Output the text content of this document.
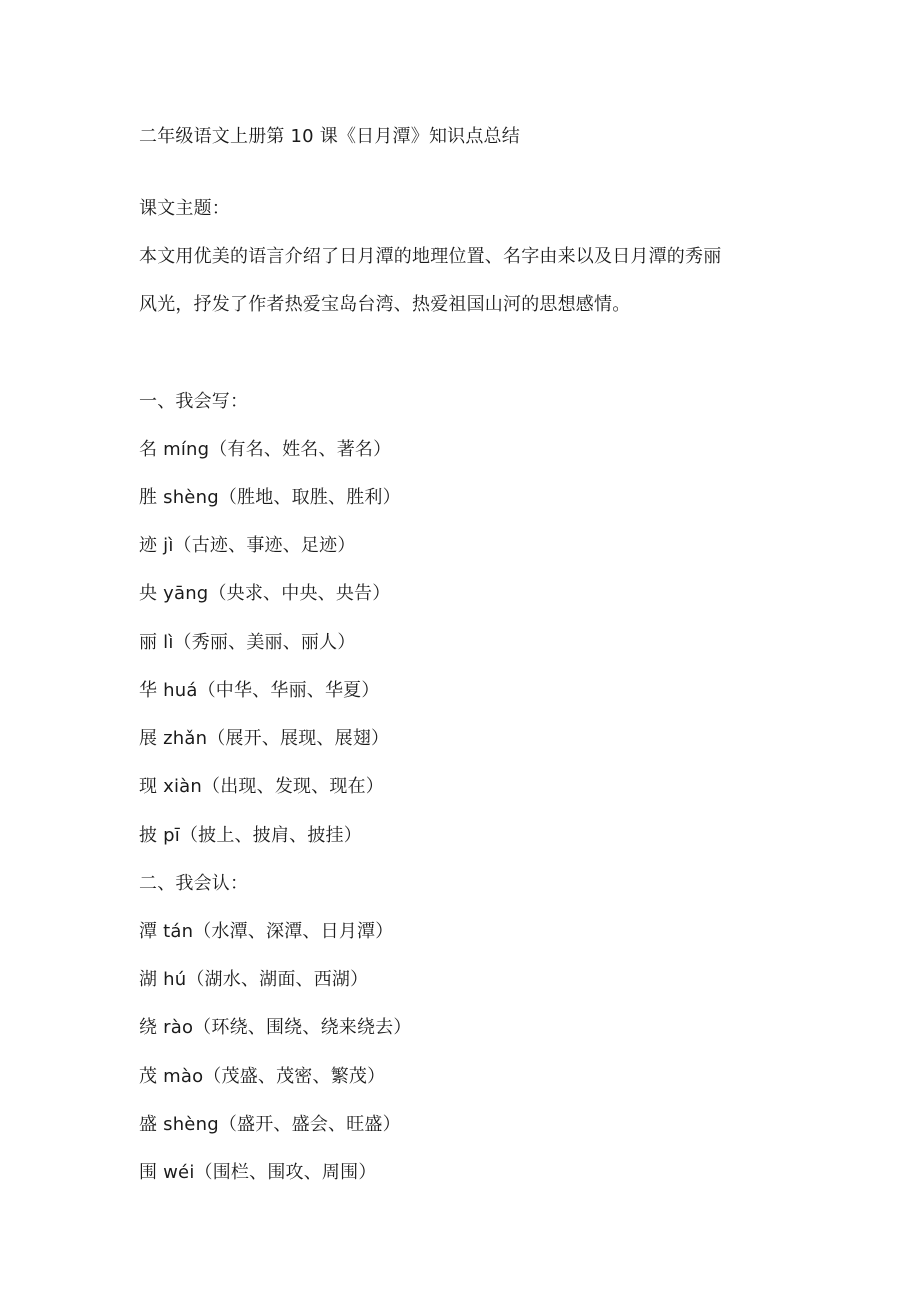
二年级语文上册第 10 课《日月潭》知识点总结
课文主题：
本文用优美的语言介绍了日月潭的地理位置、名字由来以及日月潭的秀丽
风光，抒发了作者热爱宝岛台湾、热爱祖国山河的思想感情。
一、我会写：
名 míng（有名、姓名、著名）
胜 shèng（胜地、取胜、胜利）
迹 jì（古迹、事迹、足迹）
央 yāng（央求、中央、央告）
丽 lì（秀丽、美丽、丽人）
华 huá（中华、华丽、华夏）
展 zhǎn（展开、展现、展翅）
现 xiàn（出现、发现、现在）
披 pī（披上、披肩、披挂）
二、我会认：
潭 tán（水潭、深潭、日月潭）
湖 hú（湖水、湖面、西湖）
绕 rào（环绕、围绕、绕来绕去）
茂 mào（茂盛、茂密、繁茂）
盛 shèng（盛开、盛会、旺盛）
围 wéi（围栏、围攻、周围）
